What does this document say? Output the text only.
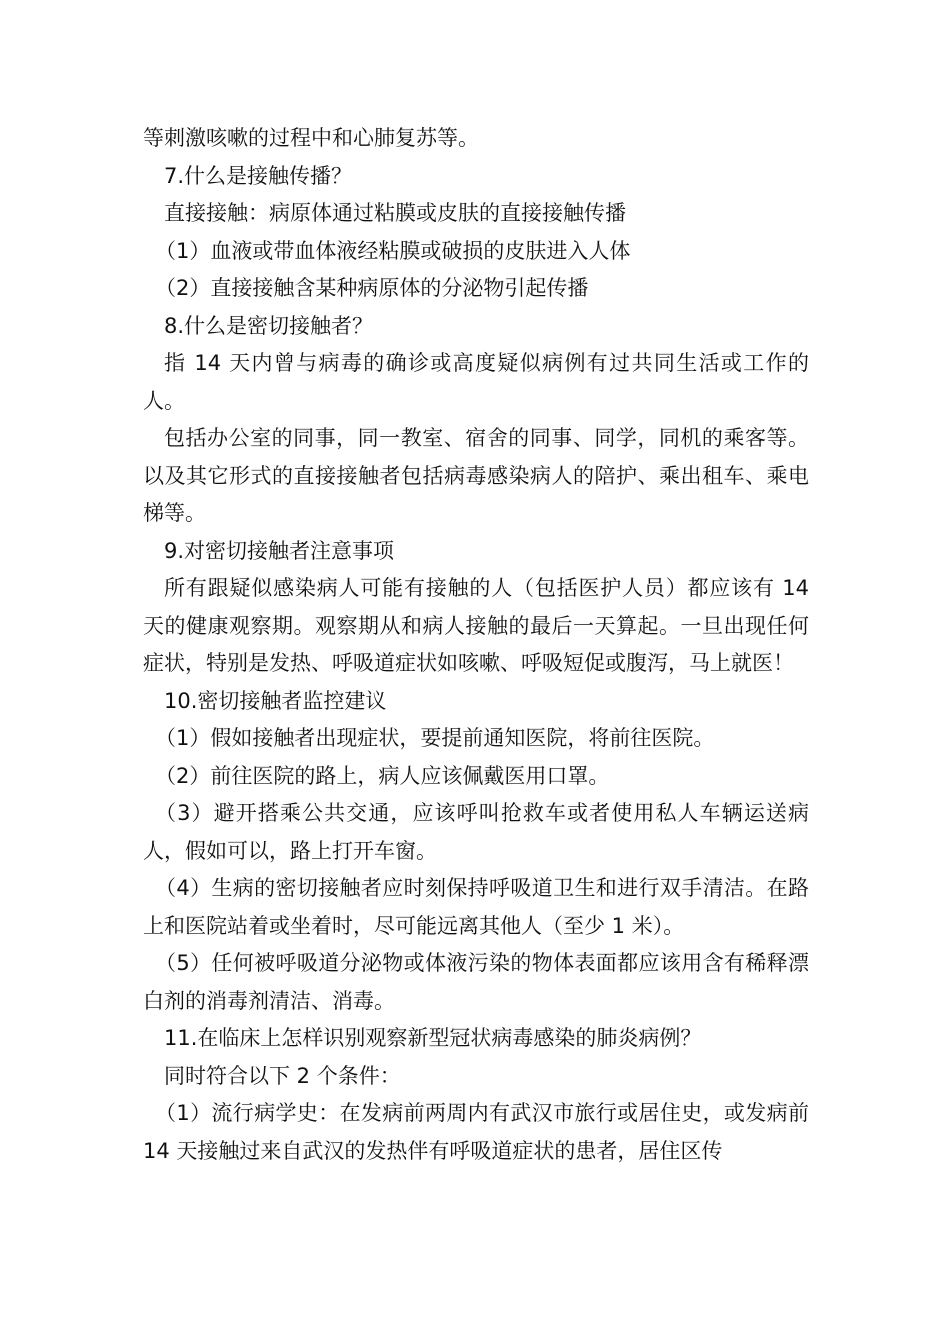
等刺激咳嗽的过程中和心肺复苏等。

7.什么是接触传播？

直接接触：病原体通过粘膜或皮肤的直接接触传播

（1）血液或带血体液经粘膜或破损的皮肤进入人体

（2）直接接触含某种病原体的分泌物引起传播

8.什么是密切接触者？

指 14 天内曾与病毒的确诊或高度疑似病例有过共同生活或工作的人。

包括办公室的同事，同一教室、宿舍的同事、同学，同机的乘客等。以及其它形式的直接接触者包括病毒感染病人的陪护、乘出租车、乘电梯等。

9.对密切接触者注意事项

所有跟疑似感染病人可能有接触的人（包括医护人员）都应该有 14 天的健康观察期。观察期从和病人接触的最后一天算起。一旦出现任何症状，特别是发热、呼吸道症状如咳嗽、呼吸短促或腹泻，马上就医！

10.密切接触者监控建议

（1）假如接触者出现症状，要提前通知医院，将前往医院。

（2）前往医院的路上，病人应该佩戴医用口罩。

（3）避开搭乘公共交通，应该呼叫抢救车或者使用私人车辆运送病人，假如可以，路上打开车窗。

（4）生病的密切接触者应时刻保持呼吸道卫生和进行双手清洁。在路上和医院站着或坐着时，尽可能远离其他人（至少 1 米）。

（5）任何被呼吸道分泌物或体液污染的物体表面都应该用含有稀释漂白剂的消毒剂清洁、消毒。

11.在临床上怎样识别观察新型冠状病毒感染的肺炎病例？

同时符合以下 2 个条件：

（1）流行病学史：在发病前两周内有武汉市旅行或居住史，或发病前 14 天接触过来自武汉的发热伴有呼吸道症状的患者，居住区传
